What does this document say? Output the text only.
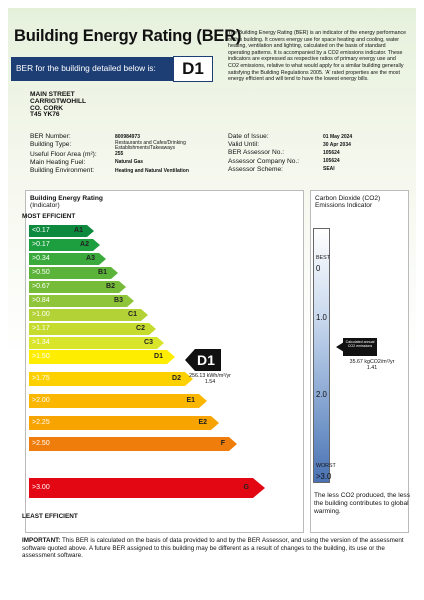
Building Energy Rating (BER)
BER for the building detailed below is:	D1
The Building Energy Rating (BER) is an indicator of the energy performance of this building. It covers energy use for space heating and cooling, water heating, ventilation and lighting, calculated on the basis of standard operating patterns. It is accompanied by a CO2 emissions indicator. These indicators are expressed as respective ratios of primary energy use and CO2 emissions, relative to what would apply for a similar building generally satisfying the Building Regulations 2005. 'A' rated properties are the most energy efficient and will tend to have the lowest energy bills.
MAIN STREET
CARRIGTWOHILL
CO. CORK
T45 YK76
BER Number:	800984973
Building Type:	Restaurants and Cafes/Drinking Establishments/Takeaways
Useful Floor Area (m²):	255
Main Heating Fuel:	Natural Gas
Building Environment:	Heating and Natural Ventilation
Date of Issue:	01 May 2024
Valid Until:	30 Apr 2034
BER Assessor No.:	105624
Assessor Company No.:	105624
Assessor Scheme:	SEAI
Building Energy Rating
(Indicator)
MOST EFFICIENT
LEAST EFFICIENT
<0.17	A1
>0.17	A2
>0.34	A3
>0.50	B1
>0.67	B2
>0.84	B3
>1.00	C1
>1.17	C2
>1.34	C3
>1.50	D1
>1.75	D2
>2.00	E1
>2.25	E2
>2.50	F
>3.00	G
D1
256.13 kWh/m²/yr
1.54
Carbon Dioxide (CO2)
Emissions Indicator
BEST
0
1.0
2.0
WORST
>3.0
Calculated annual CO2 emissions
35.67 kgCO2/m²/yr
1.41
The less CO2 produced, the less the building contributes to global warming.
IMPORTANT: This BER is calculated on the basis of data provided to and by the BER Assessor, and using the version of the assessment software quoted above. A future BER assigned to this building may be different as a result of changes to the building, its use or the assessment software.
